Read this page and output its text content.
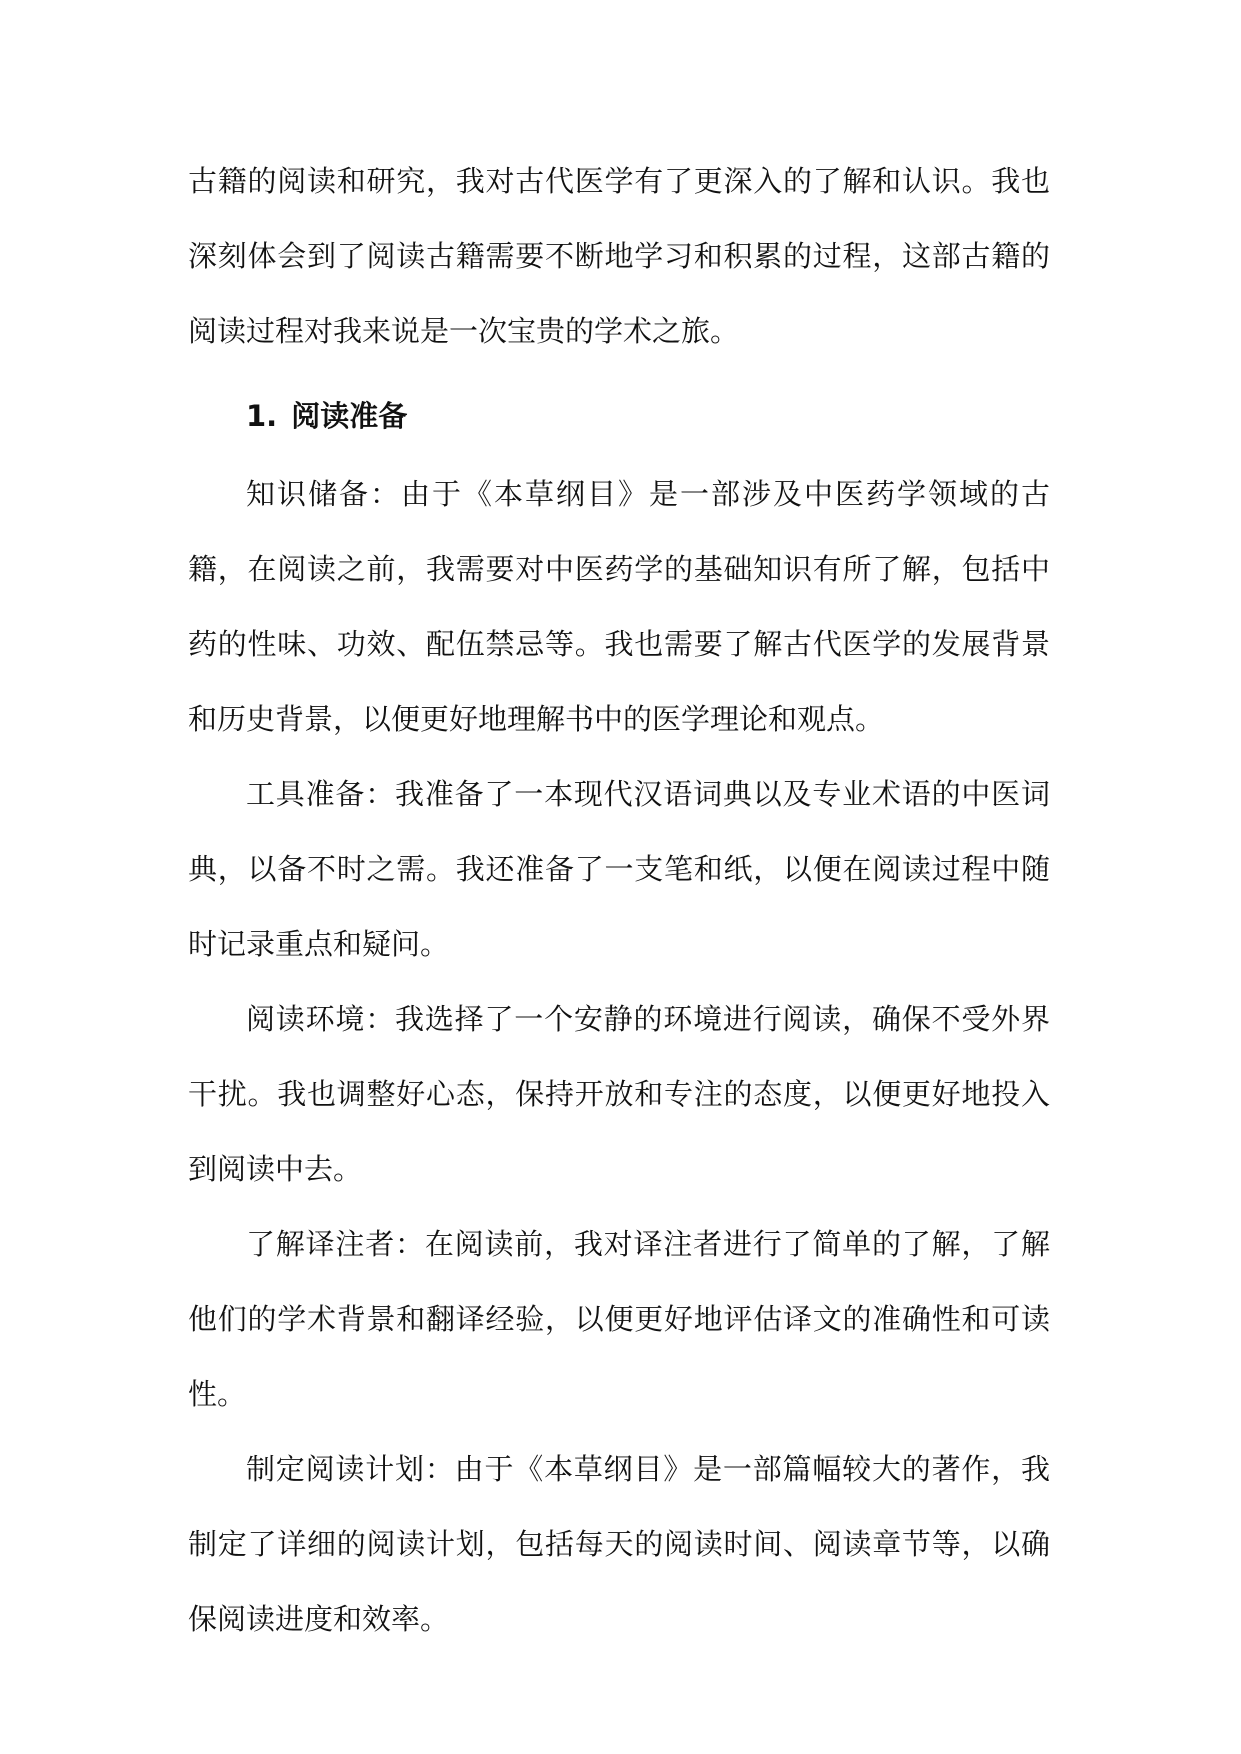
古籍的阅读和研究，我对古代医学有了更深入的了解和认识。我也深刻体会到了阅读古籍需要不断地学习和积累的过程，这部古籍的阅读过程对我来说是一次宝贵的学术之旅。

1. 阅读准备

知识储备：由于《本草纲目》是一部涉及中医药学领域的古籍，在阅读之前，我需要对中医药学的基础知识有所了解，包括中药的性味、功效、配伍禁忌等。我也需要了解古代医学的发展背景和历史背景，以便更好地理解书中的医学理论和观点。

工具准备：我准备了一本现代汉语词典以及专业术语的中医词典，以备不时之需。我还准备了一支笔和纸，以便在阅读过程中随时记录重点和疑问。

阅读环境：我选择了一个安静的环境进行阅读，确保不受外界干扰。我也调整好心态，保持开放和专注的态度，以便更好地投入到阅读中去。

了解译注者：在阅读前，我对译注者进行了简单的了解，了解他们的学术背景和翻译经验，以便更好地评估译文的准确性和可读性。

制定阅读计划：由于《本草纲目》是一部篇幅较大的著作，我制定了详细的阅读计划，包括每天的阅读时间、阅读章节等，以确保阅读进度和效率。
